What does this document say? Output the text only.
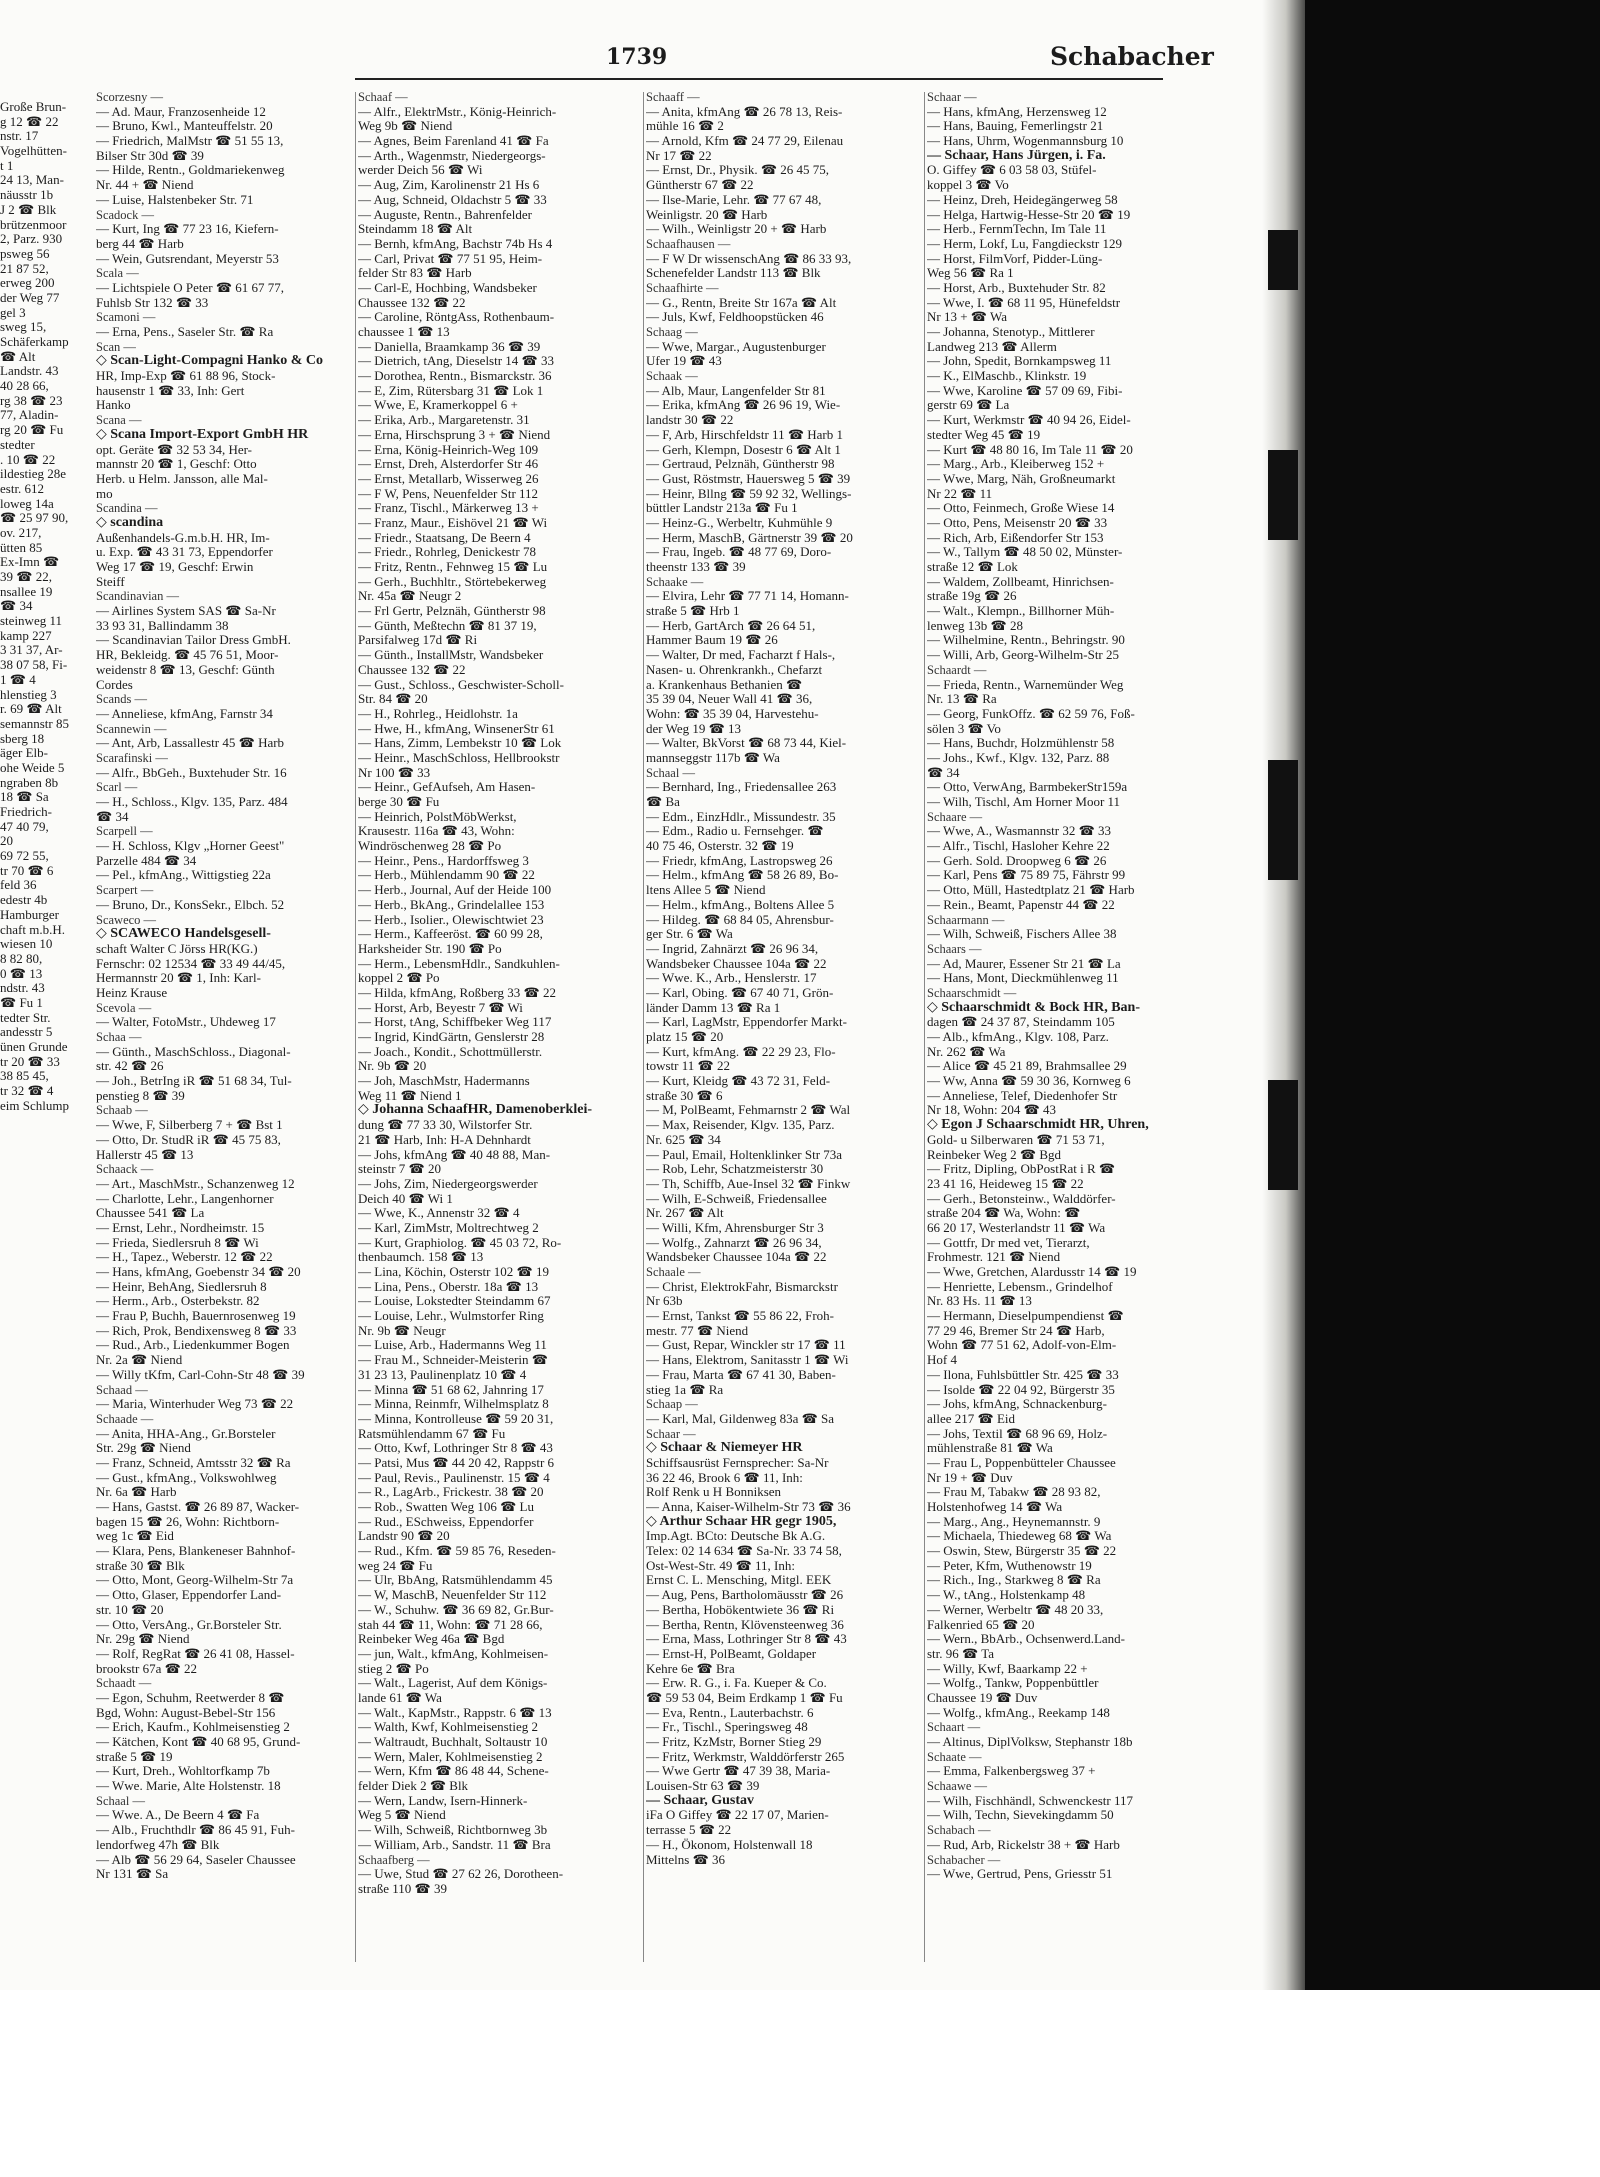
1739	Schabacher
Große Brun-
g 12 ☎ 22
nstr. 17
Vogelhütten-
t 1
24 13, Man-
näusstr 1b
J 2 ☎ Blk
brützenmoor
2, Parz. 930
psweg 56
21 87 52,
erweg 200
der Weg 77
gel 3
sweg 15,
Schäferkamp
☎ Alt
Landstr. 43
40 28 66,
rg 38 ☎ 23
77, Aladin-
rg 20 ☎ Fu
stedter
. 10 ☎ 22
ildestieg 28e
estr. 612
loweg 14a
☎ 25 97 90,
ov. 217,
ütten 85
Ex-Imn ☎
39 ☎ 22,
nsallee 19
☎ 34
steinweg 11
kamp 227
3 31 37, Ar-
38 07 58, Fi-
1 ☎ 4
hlenstieg 3
r. 69 ☎ Alt
semannstr 85
sberg 18
äger Elb-
ohe Weide 5
ngraben 8b
18 ☎ Sa
Friedrich-
47 40 79,
20
69 72 55,
tr 70 ☎ 6
feld 36
edestr 4b
Hamburger
chaft m.b.H.
wiesen 10
8 82 80,
0 ☎ 13
ndstr. 43
☎ Fu 1
tedter Str.
andesstr 5
ünen Grunde
tr 20 ☎ 33
38 85 45,
tr 32 ☎ 4
eim Schlump
Scorzesny —
— Ad. Maur, Franzosenheide 12
— Bruno, Kwl., Manteuffelstr. 20
— Friedrich, MalMstr ☎ 51 55 13,
Bilser Str 30d ☎ 39
— Hilde, Rentn., Goldmariekenweg
Nr. 44 + ☎ Niend
— Luise, Halstenbeker Str. 71
Scadock —
— Kurt, Ing ☎ 77 23 16, Kiefern-
berg 44 ☎ Harb
— Wein, Gutsrendant, Meyerstr 53
Scala —
— Lichtspiele O Peter ☎ 61 67 77,
Fuhlsb Str 132 ☎ 33
Scamoni —
— Erna, Pens., Saseler Str. ☎ Ra
Scan —
◇ Scan-Light-Compagni Hanko & Co
HR, Imp-Exp ☎ 61 88 96, Stock-
hausenstr 1 ☎ 33, Inh: Gert
Hanko
Scana —
◇ Scana Import-Export GmbH HR
opt. Geräte ☎ 32 53 34, Her-
mannstr 20 ☎ 1, Geschf: Otto
Herb. u Helm. Jansson, alle Mal-
mo
Scandina —
◇ scandina
Außenhandels-G.m.b.H. HR, Im-
u. Exp. ☎ 43 31 73, Eppendorfer
Weg 17 ☎ 19, Geschf: Erwin
Steiff
Scandinavian —
— Airlines System SAS ☎ Sa-Nr
33 93 31, Ballindamm 38
— Scandinavian Tailor Dress GmbH.
HR, Bekleidg. ☎ 45 76 51, Moor-
weidenstr 8 ☎ 13, Geschf: Günth
Cordes
Scands —
— Anneliese, kfmAng, Farnstr 34
Scannewin —
— Ant, Arb, Lassallestr 45 ☎ Harb
Scarafinski —
— Alfr., BbGeh., Buxtehuder Str. 16
Scarl —
— H., Schloss., Klgv. 135, Parz. 484
☎ 34
Scarpell —
— H. Schloss, Klgv „Horner Geest"
Parzelle 484 ☎ 34
— Pel., kfmAng., Wittigstieg 22a
Scarpert —
— Bruno, Dr., KonsSekr., Elbch. 52
Scaweco —
◇ SCAWECO Handelsgesell-
schaft Walter C Jörss HR(KG.)
Fernschr: 02 12534 ☎ 33 49 44/45,
Hermannstr 20 ☎ 1, Inh: Karl-
Heinz Krause
Scevola —
— Walter, FotoMstr., Uhdeweg 17
Schaa —
— Günth., MaschSchloss., Diagonal-
str. 42 ☎ 26
— Joh., BetrIng iR ☎ 51 68 34, Tul-
penstieg 8 ☎ 39
Schaab —
— Wwe, F, Silberberg 7 + ☎ Bst 1
— Otto, Dr. StudR iR ☎ 45 75 83,
Hallerstr 45 ☎ 13
Schaack —
— Art., MaschMstr., Schanzenweg 12
— Charlotte, Lehr., Langenhorner
Chaussee 541 ☎ La
— Ernst, Lehr., Nordheimstr. 15
— Frieda, Siedlersruh 8 ☎ Wi
— H., Tapez., Weberstr. 12 ☎ 22
— Hans, kfmAng, Goebenstr 34 ☎ 20
— Heinr, BehAng, Siedlersruh 8
— Herm., Arb., Osterbekstr. 82
— Frau P, Buchh, Bauernrosenweg 19
— Rich, Prok, Bendixensweg 8 ☎ 33
— Rud., Arb., Liedenkummer Bogen
Nr. 2a ☎ Niend
— Willy tKfm, Carl-Cohn-Str 48 ☎ 39
Schaad —
— Maria, Winterhuder Weg 73 ☎ 22
Schaade —
— Anita, HHA-Ang., Gr.Borsteler
Str. 29g ☎ Niend
— Franz, Schneid, Amtsstr 32 ☎ Ra
— Gust., kfmAng., Volkswohlweg
Nr. 6a ☎ Harb
— Hans, Gastst. ☎ 26 89 87, Wacker-
bagen 15 ☎ 26, Wohn: Richtborn-
weg 1c ☎ Eid
— Klara, Pens, Blankeneser Bahnhof-
straße 30 ☎ Blk
— Otto, Mont, Georg-Wilhelm-Str 7a
— Otto, Glaser, Eppendorfer Land-
str. 10 ☎ 20
— Otto, VersAng., Gr.Borsteler Str.
Nr. 29g ☎ Niend
— Rolf, RegRat ☎ 26 41 08, Hassel-
brookstr 67a ☎ 22
Schaadt —
— Egon, Schuhm, Reetwerder 8 ☎
Bgd, Wohn: August-Bebel-Str 156
— Erich, Kaufm., Kohlmeisenstieg 2
— Kätchen, Kont ☎ 40 68 95, Grund-
straße 5 ☎ 19
— Kurt, Dreh., Wohltorfkamp 7b
— Wwe. Marie, Alte Holstenstr. 18
Schaal —
— Wwe. A., De Beern 4 ☎ Fa
— Alb., Fruchthdlr ☎ 86 45 91, Fuh-
lendorfweg 47h ☎ Blk
— Alb ☎ 56 29 64, Saseler Chaussee
Nr 131 ☎ Sa
Schaaf —
— Alfr., ElektrMstr., König-Heinrich-
Weg 9b ☎ Niend
— Agnes, Beim Farenland 41 ☎ Fa
— Arth., Wagenmstr, Niedergeorgs-
werder Deich 56 ☎ Wi
— Aug, Zim, Karolinenstr 21 Hs 6
— Aug, Schneid, Oldachstr 5 ☎ 33
— Auguste, Rentn., Bahrenfelder
Steindamm 18 ☎ Alt
— Bernh, kfmAng, Bachstr 74b Hs 4
— Carl, Privat ☎ 77 51 95, Heim-
felder Str 83 ☎ Harb
— Carl-E, Hochbing, Wandsbeker
Chaussee 132 ☎ 22
— Caroline, RöntgAss, Rothenbaum-
chaussee 1 ☎ 13
— Daniella, Braamkamp 36 ☎ 39
— Dietrich, tAng, Dieselstr 14 ☎ 33
— Dorothea, Rentn., Bismarckstr. 36
— E, Zim, Rütersbarg 31 ☎ Lok 1
— Wwe, E, Kramerkoppel 6 +
— Erika, Arb., Margaretenstr. 31
— Erna, Hirschsprung 3 + ☎ Niend
— Erna, König-Heinrich-Weg 109
— Ernst, Dreh, Alsterdorfer Str 46
— Ernst, Metallarb, Wisserweg 26
— F W, Pens, Neuenfelder Str 112
— Franz, Tischl., Märkerweg 13 +
— Franz, Maur., Eishövel 21 ☎ Wi
— Friedr., Staatsang, De Beern 4
— Friedr., Rohrleg, Denickestr 78
— Fritz, Rentn., Fehnweg 15 ☎ Lu
— Gerh., Buchhltr., Störtebekerweg
Nr. 45a ☎ Neugr 2
— Frl Gertr, Pelznäh, Güntherstr 98
— Günth, Meßtechn ☎ 81 37 19,
Parsifalweg 17d ☎ Ri
— Günth., InstallMstr, Wandsbeker
Chaussee 132 ☎ 22
— Gust., Schloss., Geschwister-Scholl-
Str. 84 ☎ 20
— H., Rohrleg., Heidlohstr. 1a
— Hwe, H., kfmAng, WinsenerStr 61
— Hans, Zimm, Lembekstr 10 ☎ Lok
— Heinr., MaschSchloss, Hellbrookstr
Nr 100 ☎ 33
— Heinr., GefAufseh, Am Hasen-
berge 30 ☎ Fu
— Heinrich, PolstMöbWerkst,
Krausestr. 116a ☎ 43, Wohn:
Windröschenweg 28 ☎ Po
— Heinr., Pens., Hardorffsweg 3
— Herb., Mühlendamm 90 ☎ 22
— Herb., Journal, Auf der Heide 100
— Herb., BkAng., Grindelallee 153
— Herb., Isolier., Olewischtwiet 23
— Herm., Kaffeeröst. ☎ 60 99 28,
Harksheider Str. 190 ☎ Po
— Herm., LebensmHdlr., Sandkuhlen-
koppel 2 ☎ Po
— Hilda, kfmAng, Roßberg 33 ☎ 22
— Horst, Arb, Beyestr 7 ☎ Wi
— Horst, tAng, Schiffbeker Weg 117
— Ingrid, KindGärtn, Genslerstr 28
— Joach., Kondit., Schottmüllerstr.
Nr. 9b ☎ 20
— Joh, MaschMstr, Hadermanns
Weg 11 ☎ Niend 1
◇ Johanna SchaafHR, Damenoberklei-
dung ☎ 77 33 30, Wilstorfer Str.
21 ☎ Harb, Inh: H-A Dehnhardt
— Johs, kfmAng ☎ 40 48 88, Man-
steinstr 7 ☎ 20
— Johs, Zim, Niedergeorgswerder
Deich 40 ☎ Wi 1
— Wwe, K., Annenstr 32 ☎ 4
— Karl, ZimMstr, Moltrechtweg 2
— Kurt, Graphiolog. ☎ 45 03 72, Ro-
thenbaumch. 158 ☎ 13
— Lina, Köchin, Osterstr 102 ☎ 19
— Lina, Pens., Oberstr. 18a ☎ 13
— Louise, Lokstedter Steindamm 67
— Louise, Lehr., Wulmstorfer Ring
Nr. 9b ☎ Neugr
— Luise, Arb., Hadermanns Weg 11
— Frau M., Schneider-Meisterin ☎
31 23 13, Paulinenplatz 10 ☎ 4
— Minna ☎ 51 68 62, Jahnring 17
— Minna, Reinmfr, Wilhelmsplatz 8
— Minna, Kontrolleuse ☎ 59 20 31,
Ratsmühlendamm 67 ☎ Fu
— Otto, Kwf, Lothringer Str 8 ☎ 43
— Patsi, Mus ☎ 44 20 42, Rappstr 6
— Paul, Revis., Paulinenstr. 15 ☎ 4
— R., LagArb., Frickestr. 38 ☎ 20
— Rob., Swatten Weg 106 ☎ Lu
— Rud., ESchweiss, Eppendorfer
Landstr 90 ☎ 20
— Rud., Kfm. ☎ 59 85 76, Reseden-
weg 24 ☎ Fu
— Ulr, BbAng, Ratsmühlendamm 45
— W, MaschB, Neuenfelder Str 112
— W., Schuhw. ☎ 36 69 82, Gr.Bur-
stah 44 ☎ 11, Wohn: ☎ 71 28 66,
Reinbeker Weg 46a ☎ Bgd
— jun, Walt., kfmAng, Kohlmeisen-
stieg 2 ☎ Po
— Walt., Lagerist, Auf dem Königs-
lande 61 ☎ Wa
— Walt., KapMstr., Rappstr. 6 ☎ 13
— Walth, Kwf, Kohlmeisenstieg 2
— Waltraudt, Buchhalt, Soltaustr 10
— Wern, Maler, Kohlmeisenstieg 2
— Wern, Kfm ☎ 86 48 44, Schene-
felder Diek 2 ☎ Blk
— Wern, Landw, Isern-Hinnerk-
Weg 5 ☎ Niend
— Wilh, Schweiß, Richtbornweg 3b
— William, Arb., Sandstr. 11 ☎ Bra
Schaafberg —
— Uwe, Stud ☎ 27 62 26, Dorotheen-
straße 110 ☎ 39
Schaaff —
— Anita, kfmAng ☎ 26 78 13, Reis-
mühle 16 ☎ 2
— Arnold, Kfm ☎ 24 77 29, Eilenau
Nr 17 ☎ 22
— Ernst, Dr., Physik. ☎ 26 45 75,
Güntherstr 67 ☎ 22
— Ilse-Marie, Lehr. ☎ 77 67 48,
Weinligstr. 20 ☎ Harb
— Wilh., Weinligstr 20 + ☎ Harb
Schaafhausen —
— F W Dr wissenschAng ☎ 86 33 93,
Schenefelder Landstr 113 ☎ Blk
Schaafhirte —
— G., Rentn, Breite Str 167a ☎ Alt
— Juls, Kwf, Feldhoopstücken 46
Schaag —
— Wwe, Margar., Augustenburger
Ufer 19 ☎ 43
Schaak —
— Alb, Maur, Langenfelder Str 81
— Erika, kfmAng ☎ 26 96 19, Wie-
landstr 30 ☎ 22
— F, Arb, Hirschfeldstr 11 ☎ Harb 1
— Gerh, Klempn, Dosestr 6 ☎ Alt 1
— Gertraud, Pelznäh, Güntherstr 98
— Gust, Röstmstr, Hauersweg 5 ☎ 39
— Heinr, Bllng ☎ 59 92 32, Wellings-
büttler Landstr 213a ☎ Fu 1
— Heinz-G., Werbeltr, Kuhmühle 9
— Herm, MaschB, Gärtnerstr 39 ☎ 20
— Frau, Ingeb. ☎ 48 77 69, Doro-
theenstr 133 ☎ 39
Schaake —
— Elvira, Lehr ☎ 77 71 14, Homann-
straße 5 ☎ Hrb 1
— Herb, GartArch ☎ 26 64 51,
Hammer Baum 19 ☎ 26
— Walter, Dr med, Facharzt f Hals-,
Nasen- u. Ohrenkrankh., Chefarzt
a. Krankenhaus Bethanien ☎
35 39 04, Neuer Wall 41 ☎ 36,
Wohn: ☎ 35 39 04, Harvestehu-
der Weg 19 ☎ 13
— Walter, BkVorst ☎ 68 73 44, Kiel-
mannseggstr 117b ☎ Wa
Schaal —
— Bernhard, Ing., Friedensallee 263
☎ Ba
— Edm., EinzHdlr., Missundestr. 35
— Edm., Radio u. Fernsehger. ☎
40 75 46, Osterstr. 32 ☎ 19
— Friedr, kfmAng, Lastropsweg 26
— Helm., kfmAng ☎ 58 26 89, Bo-
ltens Allee 5 ☎ Niend
— Helm., kfmAng., Boltens Allee 5
— Hildeg. ☎ 68 84 05, Ahrensbur-
ger Str. 6 ☎ Wa
— Ingrid, Zahnärzt ☎ 26 96 34,
Wandsbeker Chaussee 104a ☎ 22
— Wwe. K., Arb., Henslerstr. 17
— Karl, Obing. ☎ 67 40 71, Grön-
länder Damm 13 ☎ Ra 1
— Karl, LagMstr, Eppendorfer Markt-
platz 15 ☎ 20
— Kurt, kfmAng. ☎ 22 29 23, Flo-
towstr 11 ☎ 22
— Kurt, Kleidg ☎ 43 72 31, Feld-
straße 30 ☎ 6
— M, PolBeamt, Fehmarnstr 2 ☎ Wal
— Max, Reisender, Klgv. 135, Parz.
Nr. 625 ☎ 34
— Paul, Email, Holtenklinker Str 73a
— Rob, Lehr, Schatzmeisterstr 30
— Th, Schiffb, Aue-Insel 32 ☎ Finkw
— Wilh, E-Schweiß, Friedensallee
Nr. 267 ☎ Alt
— Willi, Kfm, Ahrensburger Str 3
— Wolfg., Zahnarzt ☎ 26 96 34,
Wandsbeker Chaussee 104a ☎ 22
Schaale —
— Christ, ElektrokFahr, Bismarckstr
Nr 63b
— Ernst, Tankst ☎ 55 86 22, Froh-
mestr. 77 ☎ Niend
— Gust, Repar, Winckler str 17 ☎ 11
— Hans, Elektrom, Sanitasstr 1 ☎ Wi
— Frau, Marta ☎ 67 41 30, Baben-
stieg 1a ☎ Ra
Schaap —
— Karl, Mal, Gildenweg 83a ☎ Sa
Schaar —
◇ Schaar & Niemeyer HR
Schiffsausrüst Fernsprecher: Sa-Nr
36 22 46, Brook 6 ☎ 11, Inh:
Rolf Renk u H Bonniksen
— Anna, Kaiser-Wilhelm-Str 73 ☎ 36
◇ Arthur Schaar HR gegr 1905,
Imp.Agt. BCto: Deutsche Bk A.G.
Telex: 02 14 634 ☎ Sa-Nr. 33 74 58,
Ost-West-Str. 49 ☎ 11, Inh:
Ernst C. L. Mensching, Mitgl. EEK
— Aug, Pens, Bartholomäusstr ☎ 26
— Bertha, Hobökentwiete 36 ☎ Ri
— Bertha, Rentn, Klövensteenweg 36
— Erna, Mass, Lothringer Str 8 ☎ 43
— Ernst-H, PolBeamt, Goldaper
Kehre 6e ☎ Bra
— Erw. R. G., i. Fa. Kueper & Co.
☎ 59 53 04, Beim Erdkamp 1 ☎ Fu
— Eva, Rentn., Lauterbachstr. 6
— Fr., Tischl., Speringsweg 48
— Fritz, KzMstr, Borner Stieg 29
— Fritz, Werkmstr, Walddörferstr 265
— Wwe Gertr ☎ 47 39 38, Maria-
Louisen-Str 63 ☎ 39
— Schaar, Gustav
iFa O Giffey ☎ 22 17 07, Marien-
terrasse 5 ☎ 22
— H., Ökonom, Holstenwall 18
Mittelns ☎ 36
Schaar —
— Hans, kfmAng, Herzensweg 12
— Hans, Bauing, Femerlingstr 21
— Hans, Uhrm, Wogenmannsburg 10
— Schaar, Hans Jürgen, i. Fa.
O. Giffey ☎ 6 03 58 03, Stüfel-
koppel 3 ☎ Vo
— Heinz, Dreh, Heidegängerweg 58
— Helga, Hartwig-Hesse-Str 20 ☎ 19
— Herb., FernmTechn, Im Tale 11
— Herm, Lokf, Lu, Fangdieckstr 129
— Horst, FilmVorf, Pidder-Lüng-
Weg 56 ☎ Ra 1
— Horst, Arb., Buxtehuder Str. 82
— Wwe, I. ☎ 68 11 95, Hünefeldstr
Nr 13 + ☎ Wa
— Johanna, Stenotyp., Mittlerer
Landweg 213 ☎ Allerm
— John, Spedit, Bornkampsweg 11
— K., ElMaschb., Klinkstr. 19
— Wwe, Karoline ☎ 57 09 69, Fibi-
gerstr 69 ☎ La
— Kurt, Werkmstr ☎ 40 94 26, Eidel-
stedter Weg 45 ☎ 19
— Kurt ☎ 48 80 16, Im Tale 11 ☎ 20
— Marg., Arb., Kleiberweg 152 +
— Wwe, Marg, Näh, Großneumarkt
Nr 22 ☎ 11
— Otto, Feinmech, Große Wiese 14
— Otto, Pens, Meisenstr 20 ☎ 33
— Rich, Arb, Eißendorfer Str 153
— W., Tallym ☎ 48 50 02, Münster-
straße 12 ☎ Lok
— Waldem, Zollbeamt, Hinrichsen-
straße 19g ☎ 26
— Walt., Klempn., Billhorner Müh-
lenweg 13b ☎ 28
— Wilhelmine, Rentn., Behringstr. 90
— Willi, Arb, Georg-Wilhelm-Str 25
Schaardt —
— Frieda, Rentn., Warnemünder Weg
Nr. 13 ☎ Ra
— Georg, FunkOffz. ☎ 62 59 76, Foß-
sölen 3 ☎ Vo
— Hans, Buchdr, Holzmühlenstr 58
— Johs., Kwf., Klgv. 132, Parz. 88
☎ 34
— Otto, VerwAng, BarmbekerStr159a
— Wilh, Tischl, Am Horner Moor 11
Schaare —
— Wwe, A., Wasmannstr 32 ☎ 33
— Alfr., Tischl, Hasloher Kehre 22
— Gerh. Sold. Droopweg 6 ☎ 26
— Karl, Pens ☎ 75 89 75, Fährstr 99
— Otto, Müll, Hastedtplatz 21 ☎ Harb
— Rein., Beamt, Papenstr 44 ☎ 22
Schaarmann —
— Wilh, Schweiß, Fischers Allee 38
Schaars —
— Ad, Maurer, Essener Str 21 ☎ La
— Hans, Mont, Dieckmühlenweg 11
Schaarschmidt —
◇ Schaarschmidt & Bock HR, Ban-
dagen ☎ 24 37 87, Steindamm 105
— Alb., kfmAng., Klgv. 108, Parz.
Nr. 262 ☎ Wa
— Alice ☎ 45 21 89, Brahmsallee 29
— Ww, Anna ☎ 59 30 36, Kornweg 6
— Anneliese, Telef, Diedenhofer Str
Nr 18, Wohn: 204 ☎ 43
◇ Egon J Schaarschmidt HR, Uhren,
Gold- u Silberwaren ☎ 71 53 71,
Reinbeker Weg 2 ☎ Bgd
— Fritz, Dipling, ObPostRat i R ☎
23 41 16, Heideweg 15 ☎ 22
— Gerh., Betonsteinw., Walddörfer-
straße 204 ☎ Wa, Wohn: ☎
66 20 17, Westerlandstr 11 ☎ Wa
— Gottfr, Dr med vet, Tierarzt,
Frohmestr. 121 ☎ Niend
— Wwe, Gretchen, Alardusstr 14 ☎ 19
— Henriette, Lebensm., Grindelhof
Nr. 83 Hs. 11 ☎ 13
— Hermann, Dieselpumpendienst ☎
77 29 46, Bremer Str 24 ☎ Harb,
Wohn ☎ 77 51 62, Adolf-von-Elm-
Hof 4
— Ilona, Fuhlsbüttler Str. 425 ☎ 33
— Isolde ☎ 22 04 92, Bürgerstr 35
— Johs, kfmAng, Schnackenburg-
allee 217 ☎ Eid
— Johs, Textil ☎ 68 96 69, Holz-
mühlenstraße 81 ☎ Wa
— Frau L, Poppenbütteler Chaussee
Nr 19 + ☎ Duv
— Frau M, Tabakw ☎ 28 93 82,
Holstenhofweg 14 ☎ Wa
— Marg., Ang., Heynemannstr. 9
— Michaela, Thiedeweg 68 ☎ Wa
— Oswin, Stew, Bürgerstr 35 ☎ 22
— Peter, Kfm, Wuthenowstr 19
— Rich., Ing., Starkweg 8 ☎ Ra
— W., tAng., Holstenkamp 48
— Werner, Werbeltr ☎ 48 20 33,
Falkenried 65 ☎ 20
— Wern., BbArb., Ochsenwerd.Land-
str. 96 ☎ Ta
— Willy, Kwf, Baarkamp 22 +
— Wolfg., Tankw, Poppenbüttler
Chaussee 19 ☎ Duv
— Wolfg., kfmAng., Reekamp 148
Schaart —
— Altinus, DiplVolksw, Stephanstr 18b
Schaate —
— Emma, Falkenbergsweg 37 +
Schaawe —
— Wilh, Fischhändl, Schwenckestr 117
— Wilh, Techn, Sievekingdamm 50
Schabach —
— Rud, Arb, Rickelstr 38 + ☎ Harb
Schabacher —
— Wwe, Gertrud, Pens, Griesstr 51
